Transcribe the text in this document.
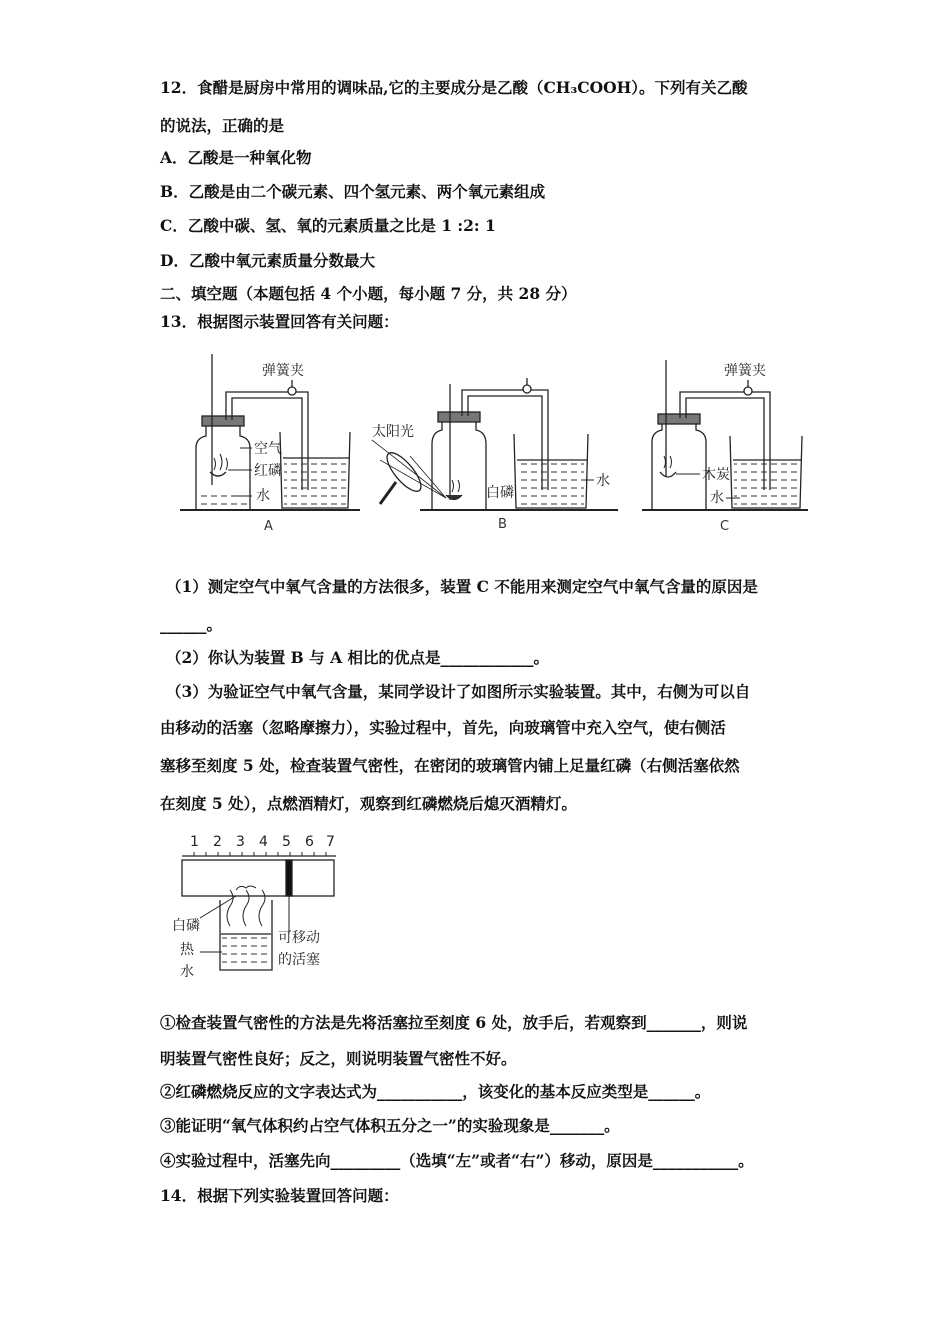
12．食醋是厨房中常用的调味品,它的主要成分是乙酸（CH₃COOH）。下列有关乙酸
的说法，正确的是
A．乙酸是一种氧化物
B．乙酸是由二个碳元素、四个氢元素、两个氧元素组成
C．乙酸中碳、氢、氧的元素质量之比是 1 :2: 1
D．乙酸中氧元素质量分数最大
二、填空题（本题包括 4 个小题，每小题 7 分，共 28 分）
13．根据图示装置回答有关问题：
弹簧夹
空气
红磷
水
A
太阳光
白磷
水
B
弹簧夹
木炭
水
C
（1）测定空气中氧气含量的方法很多，装置 C 不能用来测定空气中氧气含量的原因是
______。
（2）你认为装置 B 与 A 相比的优点是____________。
（3）为验证空气中氧气含量，某同学设计了如图所示实验装置。其中，右侧为可以自
由移动的活塞（忽略摩擦力），实验过程中，首先，向玻璃管中充入空气，使右侧活
塞移至刻度 5 处，检查装置气密性，在密闭的玻璃管内铺上足量红磷（右侧活塞依然
在刻度 5 处），点燃酒精灯，观察到红磷燃烧后熄灭酒精灯。
1 2 3 4 5 6 7
白磷
热
水
可移动
的活塞
①检查装置气密性的方法是先将活塞拉至刻度 6 处，放手后，若观察到_______，则说
明装置气密性良好；反之，则说明装置气密性不好。
②红磷燃烧反应的文字表达式为___________，该变化的基本反应类型是______。
③能证明“氧气体积约占空气体积五分之一”的实验现象是_______。
④实验过程中，活塞先向_________（选填“左”或者“右”）移动，原因是___________。
14．根据下列实验装置回答问题：
